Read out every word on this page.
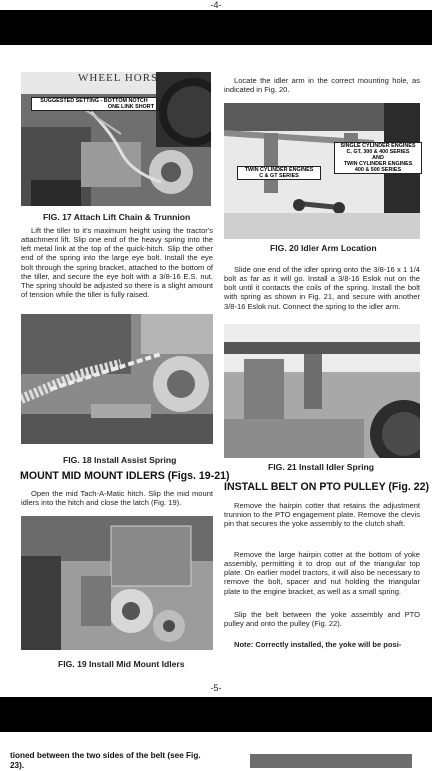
-4-
WHEEL HORSE
SUGGESTED SETTING - BOTTOM NOTCH
ONE LINK SHORT
FIG. 17 Attach Lift Chain & Trunnion

Lift the tiller to it's maximum height using the tractor's attachment lift. Slip one end of the heavy spring into the left metal link at the top of the quick-hitch. Slip the other end of the spring into the large eye bolt. Install the eye bolt through the spring bracket, attached to the bottom of the tiller, and secure the eye bolt with a 3/8-16 E.S. nut. The spring should be adjusted so there is a slight amount of tension while the tiller is fully raised.

FIG. 18 Install Assist Spring
MOUNT MID MOUNT IDLERS (Figs. 19-21)

Open the mid Tach-A-Matic hitch. Slip the mid mount idlers into the hitch and close the latch (Fig. 19).

FIG. 19 Install Mid Mount Idlers

Locate the idler arm in the correct mounting hole, as indicated in Fig. 20.

SINGLE CYLINDER ENGINES
C, GT, 300 & 400 SERIES
AND
TWIN CYLINDER ENGINES
400 & 500 SERIES
TWIN CYLINDER ENGINES
C & GT SERIES
FIG. 20 Idler Arm Location

Slide one end of the idler spring onto the 3/8-16 x 1 1/4 bolt as far as it will go. Install a 3/8-16 Eslok nut on the bolt until it contacts the coils of the spring. Install the bolt with spring as shown in Fig. 21, and secure with another 3/8-16 Eslok nut. Connect the spring to the idler arm.

FIG. 21 Install Idler Spring
INSTALL BELT ON PTO PULLEY (Fig. 22)

Remove the hairpin cotter that retains the adjustment trunnion to the PTO engagement plate. Remove the clevis pin that secures the yoke assembly to the clutch shaft.

Remove the large hairpin cotter at the bottom of yoke assembly, permitting it to drop out of the triangular top plate. On earlier model tractors, it will also be necessary to remove the bolt, spacer and nut holding the triangular plate to the engine bracket, as well as a small spring.

Slip the belt between the yoke assembly and PTO pulley and onto the pulley (Fig. 22).

Note: Correctly installed, the yoke will be posi-

-5-
tioned between the two sides of the belt (see Fig.
23).
